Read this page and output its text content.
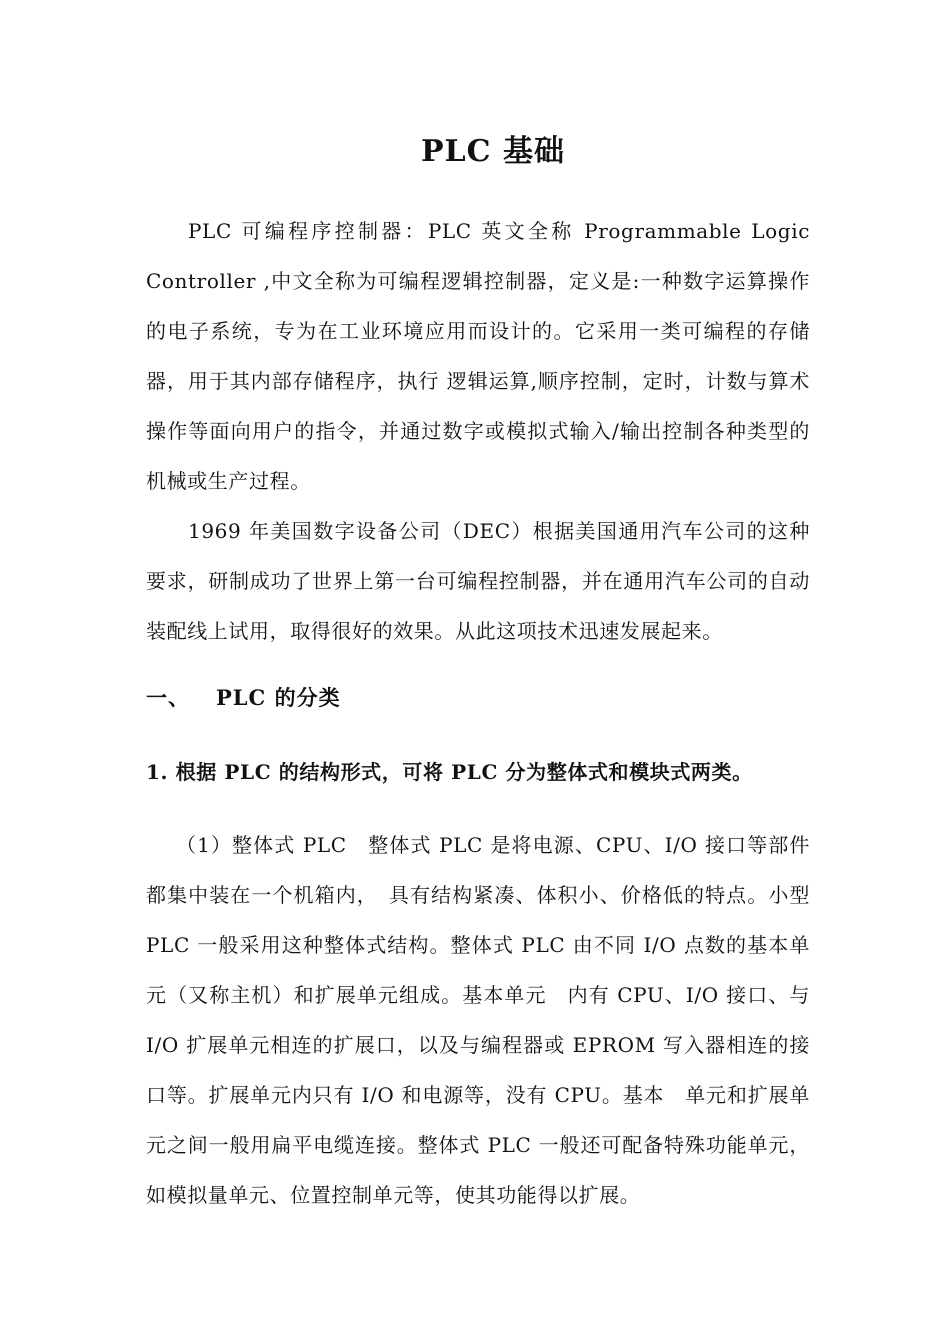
PLC 基础

PLC 可编程序控制器：PLC 英文全称 Programmable Logic Controller ,中文全称为可编程逻辑控制器，定义是:一种数字运算操作的电子系统，专为在工业环境应用而设计的。它采用一类可编程的存储器，用于其内部存储程序，执行 逻辑运算,顺序控制，定时，计数与算术操作等面向用户的指令，并通过数字或模拟式输入/输出控制各种类型的机械或生产过程。

1969 年美国数字设备公司（DEC）根据美国通用汽车公司的这种要求，研制成功了世界上第一台可编程控制器，并在通用汽车公司的自动装配线上试用，取得很好的效果。从此这项技术迅速发展起来。

一、 PLC 的分类
1. 根据 PLC 的结构形式，可将 PLC 分为整体式和模块式两类。

（1）整体式 PLC　整体式 PLC 是将电源、CPU、I/O 接口等部件都集中装在一个机箱内，　具有结构紧凑、体积小、价格低的特点。小型 PLC 一般采用这种整体式结构。整体式 PLC 由不同 I/O 点数的基本单元（又称主机）和扩展单元组成。基本单元　内有 CPU、I/O 接口、与 I/O 扩展单元相连的扩展口，以及与编程器或 EPROM 写入器相连的接口等。扩展单元内只有 I/O 和电源等，没有 CPU。基本　单元和扩展单元之间一般用扁平电缆连接。整体式 PLC 一般还可配备特殊功能单元，如模拟量单元、位置控制单元等，使其功能得以扩展。
